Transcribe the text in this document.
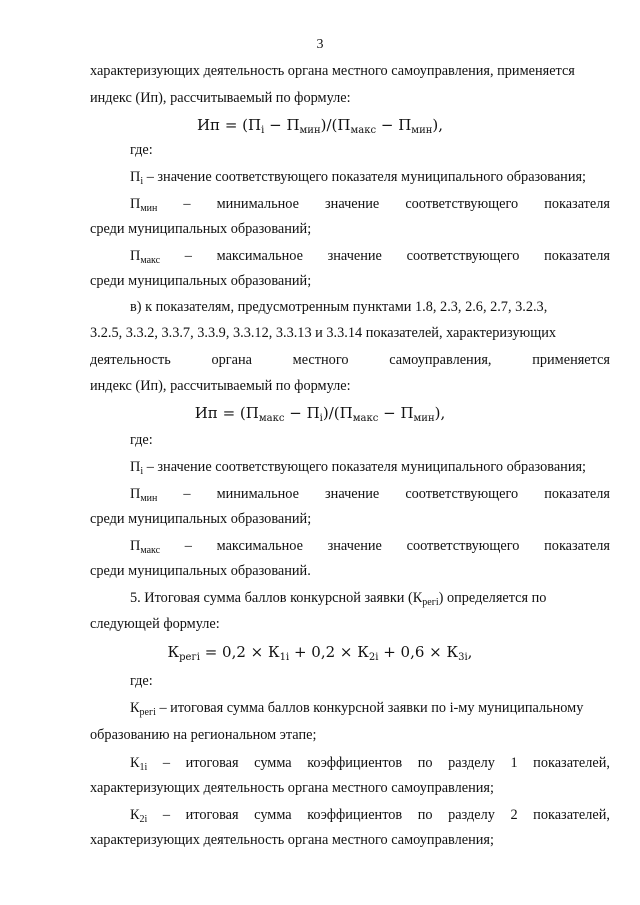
3
характеризующих деятельность органа местного самоуправления, применяется
индекс (Ип), рассчитываемый по формуле:
Ип = $(П_i - П_{мин})/(П_{макс} - П_{мин})$,
где:
$П_i$ – значение соответствующего показателя муниципального образования;
$П_{мин}$ – минимальное значение соответствующего показателя
среди муниципальных образований;
$П_{макс}$ – максимальное значение соответствующего показателя
среди муниципальных образований;
в) к показателям, предусмотренным пунктами 1.8, 2.3, 2.6, 2.7, 3.2.3,
3.2.5, 3.3.2, 3.3.7, 3.3.9, 3.3.12, 3.3.13 и 3.3.14 показателей, характеризующих
деятельность	органа	местного	самоуправления,	применяется
индекс (Ип), рассчитываемый по формуле:
Ип = $(П_{макс} - П_i)/(П_{макс} - П_{мин})$,
где:
$П_i$ – значение соответствующего показателя муниципального образования;
$П_{мин}$ – минимальное значение соответствующего показателя
среди муниципальных образований;
$П_{макс}$ – максимальное значение соответствующего показателя
среди муниципальных образований.
5. Итоговая сумма баллов конкурсной заявки $(К_{регi})$ определяется по
следующей формуле:
$К_{регi} = 0,2 \times К_{1i} + 0,2 \times К_{2i} + 0,6 \times К_{3i}$,
где:
$К_{регi}$ – итоговая сумма баллов конкурсной заявки по i-му муниципальному
образованию на региональном этапе;
$К_{1i}$ – итоговая сумма коэффициентов по разделу 1 показателей,
характеризующих деятельность органа местного самоуправления;
$К_{2i}$ – итоговая сумма коэффициентов по разделу 2 показателей,
характеризующих деятельность органа местного самоуправления;
